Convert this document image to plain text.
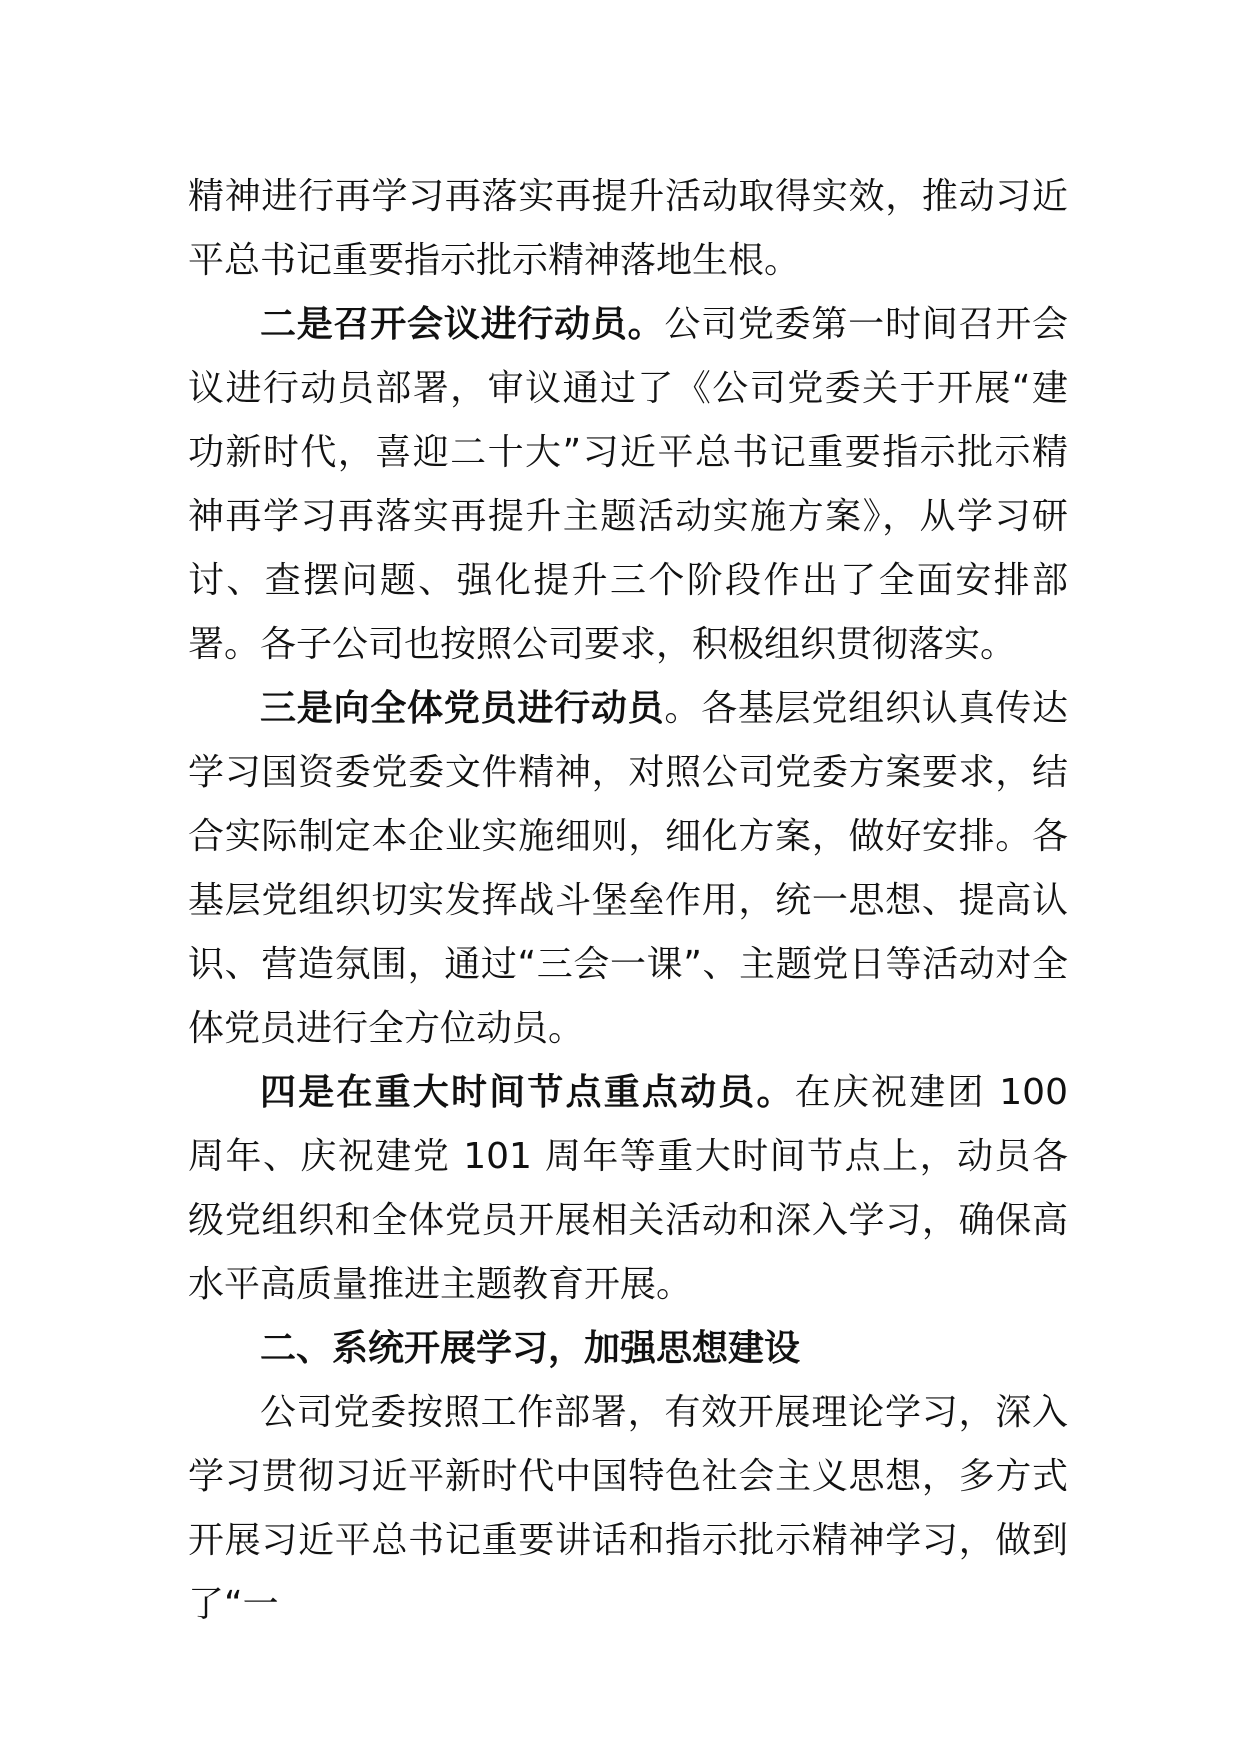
精神进行再学习再落实再提升活动取得实效，推动习近平总书记重要指示批示精神落地生根。

二是召开会议进行动员。公司党委第一时间召开会议进行动员部署，审议通过了《公司党委关于开展“建功新时代，喜迎二十大”习近平总书记重要指示批示精神再学习再落实再提升主题活动实施方案》，从学习研讨、查摆问题、强化提升三个阶段作出了全面安排部署。各子公司也按照公司要求，积极组织贯彻落实。

三是向全体党员进行动员。各基层党组织认真传达学习国资委党委文件精神，对照公司党委方案要求，结合实际制定本企业实施细则，细化方案，做好安排。各基层党组织切实发挥战斗堡垒作用，统一思想、提高认识、营造氛围，通过“三会一课”、主题党日等活动对全体党员进行全方位动员。

四是在重大时间节点重点动员。在庆祝建团 100 周年、庆祝建党 101 周年等重大时间节点上，动员各级党组织和全体党员开展相关活动和深入学习，确保高水平高质量推进主题教育开展。

二、系统开展学习，加强思想建设

公司党委按照工作部署，有效开展理论学习，深入学习贯彻习近平新时代中国特色社会主义思想，多方式开展习近平总书记重要讲话和指示批示精神学习，做到了“一
